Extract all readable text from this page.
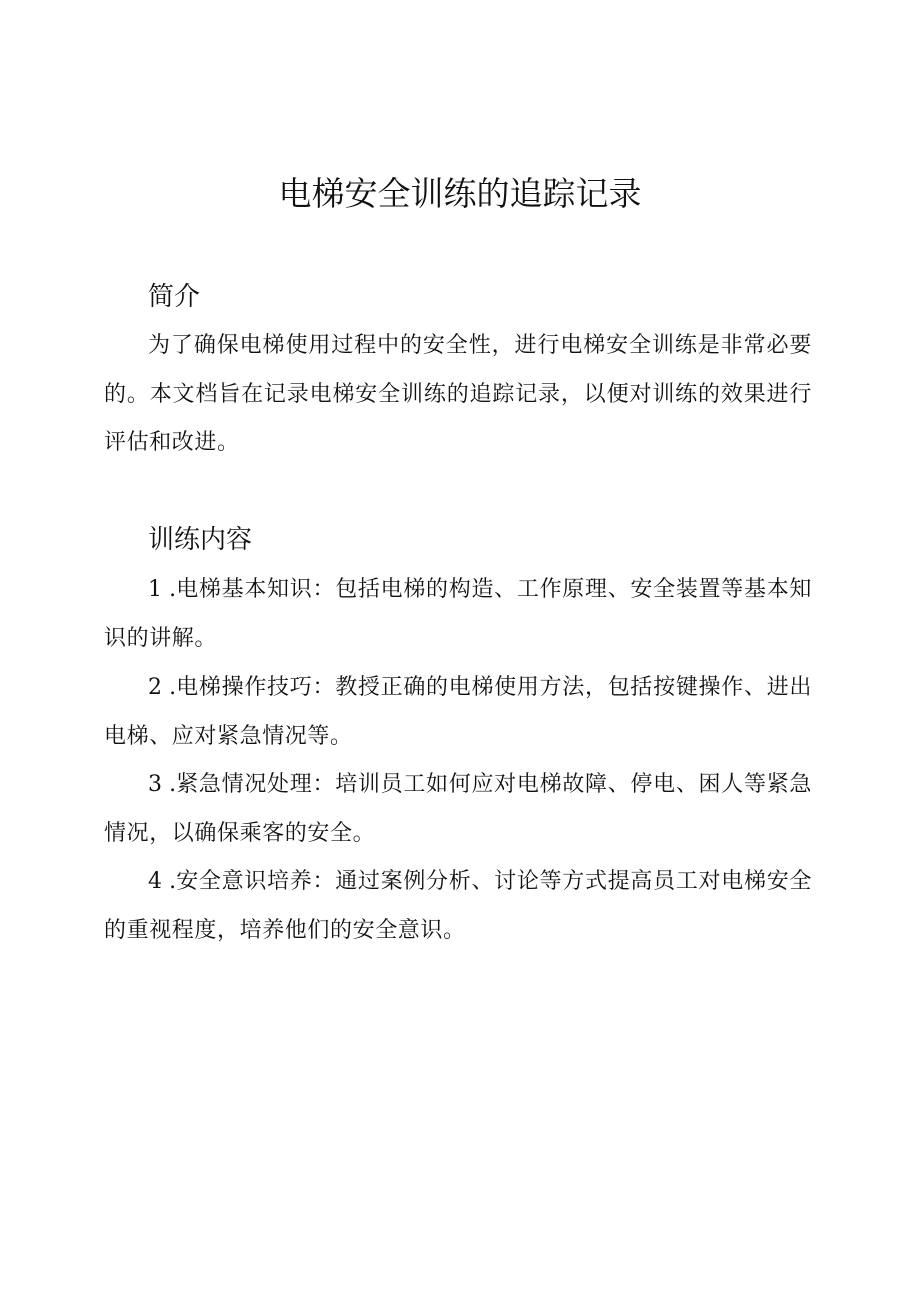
电梯安全训练的追踪记录
简介

为了确保电梯使用过程中的安全性，进行电梯安全训练是非常必要的。本文档旨在记录电梯安全训练的追踪记录，以便对训练的效果进行评估和改进。

训练内容

1 .电梯基本知识：包括电梯的构造、工作原理、安全装置等基本知识的讲解。

2 .电梯操作技巧：教授正确的电梯使用方法，包括按键操作、进出电梯、应对紧急情况等。

3 .紧急情况处理：培训员工如何应对电梯故障、停电、困人等紧急情况，以确保乘客的安全。

4 .安全意识培养：通过案例分析、讨论等方式提高员工对电梯安全的重视程度，培养他们的安全意识。
